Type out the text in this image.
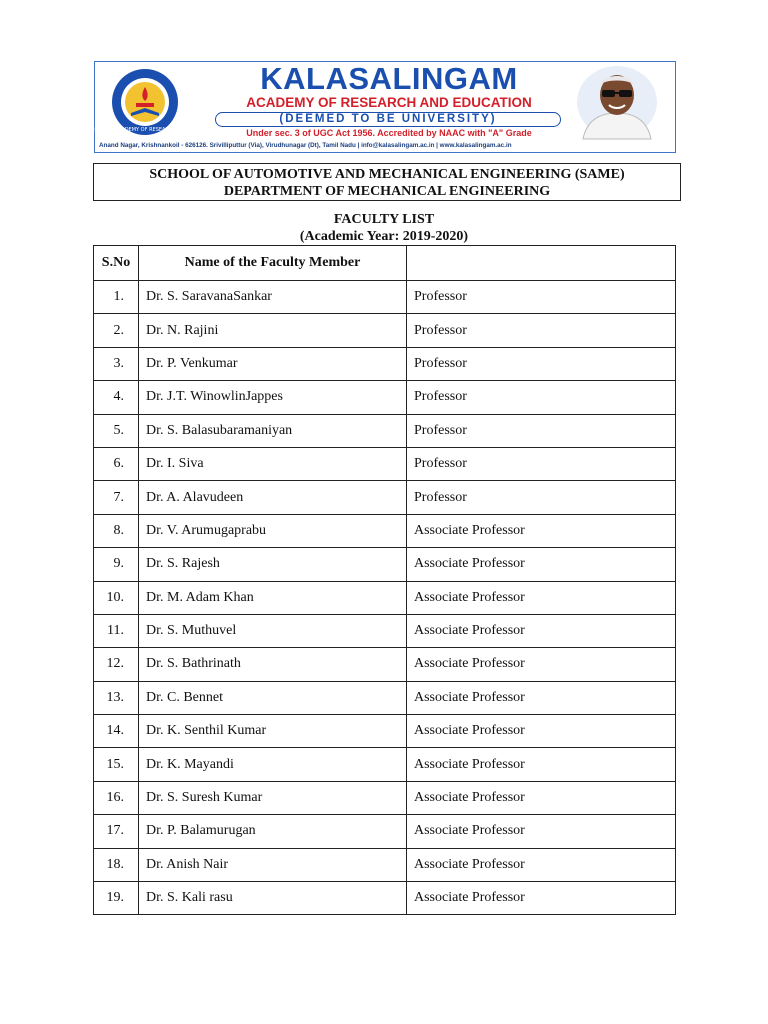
KALASALINGAM · ACADEMY OF RESEARCH AND EDUCATION
KALASALINGAM
ACADEMY OF RESEARCH AND EDUCATION
(DEEMED TO BE UNIVERSITY)
Under sec. 3 of UGC Act 1956. Accredited by NAAC with "A" Grade
Anand Nagar, Krishnankoil - 626126. Srivilliputtur (Via), Virudhunagar (Dt), Tamil Nadu | info@kalasalingam.ac.in | www.kalasalingam.ac.in
SCHOOL OF AUTOMOTIVE AND MECHANICAL ENGINEERING (SAME)
DEPARTMENT OF MECHANICAL ENGINEERING
FACULTY LIST
(Academic Year: 2019-2020)
S.No	Name of the Faculty Member	
1.	Dr. S. SaravanaSankar	Professor
2.	Dr. N. Rajini	Professor
3.	Dr. P. Venkumar	Professor
4.	Dr. J.T. WinowlinJappes	Professor
5.	Dr. S. Balasubaramaniyan	Professor
6.	Dr. I. Siva	Professor
7.	Dr. A. Alavudeen	Professor
8.	Dr. V. Arumugaprabu	Associate Professor
9.	Dr. S. Rajesh	Associate Professor
10.	Dr. M. Adam Khan	Associate Professor
11.	Dr. S. Muthuvel	Associate Professor
12.	Dr. S. Bathrinath	Associate Professor
13.	Dr. C. Bennet	Associate Professor
14.	Dr. K. Senthil Kumar	Associate Professor
15.	Dr. K. Mayandi	Associate Professor
16.	Dr. S. Suresh Kumar	Associate Professor
17.	Dr. P. Balamurugan	Associate Professor
18.	Dr. Anish Nair	Associate Professor
19.	Dr. S. Kali rasu	Associate Professor
